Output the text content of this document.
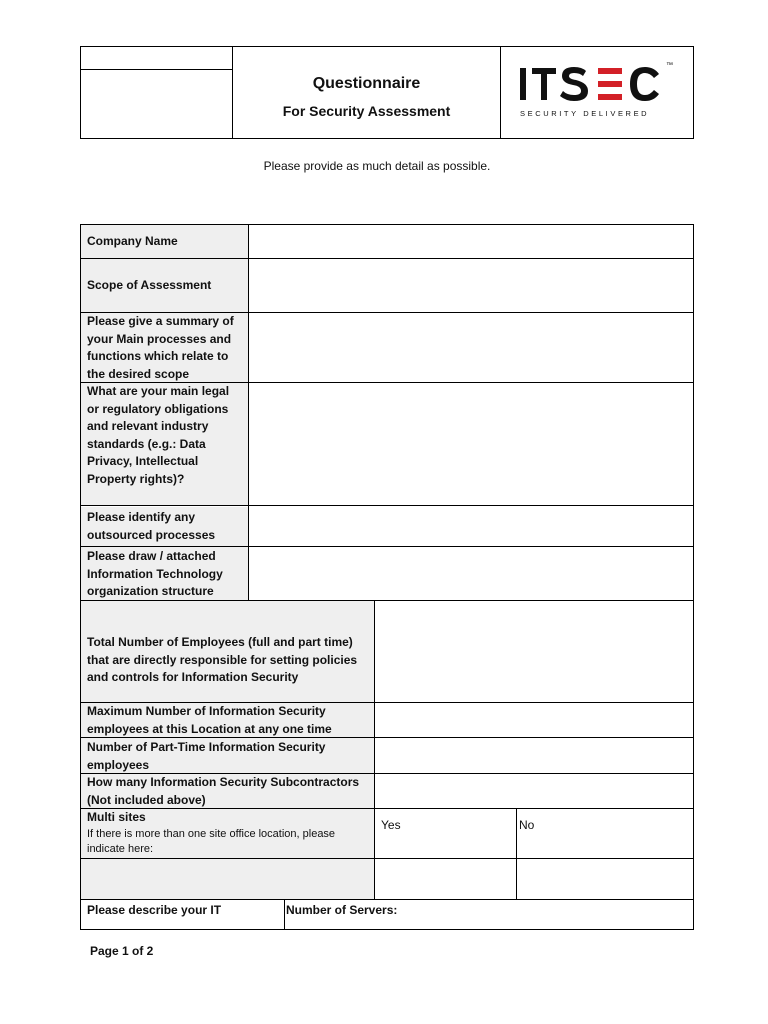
Questionnaire
For Security Assessment
™
SECURITY DELIVERED
Please provide as much detail as possible.
Company Name
Scope of Assessment
Please give a summary of
your Main processes and
functions which relate to
the desired scope
What are your main legal
or regulatory obligations
and relevant industry
standards (e.g.: Data
Privacy, Intellectual
Property rights)?
Please identify any
outsourced processes
Please draw / attached
Information Technology
organization structure
Total Number of Employees (full and part time)
that are directly responsible for setting policies
and controls for Information Security
Maximum Number of Information Security
employees at this Location at any one time
Number of Part-Time Information Security
employees
How many Information Security Subcontractors
(Not included above)
Multi sites
If there is more than one site office location, please
indicate here:
Yes	No
Please describe your IT	Number of Servers:
Page 1 of 2
